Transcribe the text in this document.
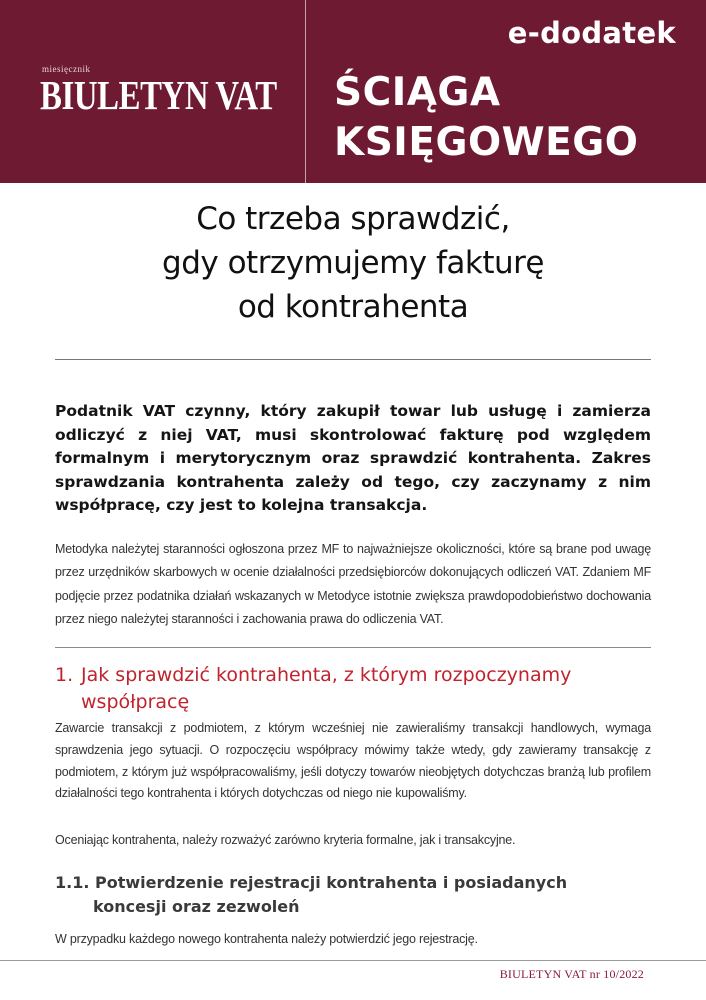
e-dodatek
miesięcznik
BIULETYN VAT ŚCIĄGA
KSIĘGOWEGO
Co trzeba sprawdzić,
gdy otrzymujemy fakturę
od kontrahenta
Podatnik VAT czynny, który zakupił towar lub usługę i zamierza odliczyć z niej VAT, musi skontrolować fakturę pod względem formalnym i merytorycznym oraz sprawdzić kontrahenta. Zakres sprawdzania kontrahenta zależy od tego, czy zaczynamy z nim współpracę, czy jest to kolejna transakcja.
Metodyka należytej staranności ogłoszona przez MF to najważniejsze okoliczności, które są brane pod uwagę przez urzędników skarbowych w ocenie działalności przedsiębiorców dokonujących odliczeń VAT. Zdaniem MF podjęcie przez podatnika działań wskazanych w Metodyce istotnie zwiększa prawdopodobieństwo dochowania przez niego należytej staranności i zachowania prawa do odliczenia VAT.
1. Jak sprawdzić kontrahenta, z którym rozpoczynamy
współpracę
Zawarcie transakcji z podmiotem, z którym wcześniej nie zawieraliśmy transakcji handlowych, wymaga sprawdzenia jego sytuacji. O rozpoczęciu współpracy mówimy także wtedy, gdy zawieramy transakcję z podmiotem, z którym już współpracowaliśmy, jeśli dotyczy towarów nieobjętych dotychczas branżą lub profilem działalności tego kontrahenta i których dotychczas od niego nie kupowaliśmy.
Oceniając kontrahenta, należy rozważyć zarówno kryteria formalne, jak i transakcyjne.
1.1. Potwierdzenie rejestracji kontrahenta i posiadanych
koncesji oraz zezwoleń
W przypadku każdego nowego kontrahenta należy potwierdzić jego rejestrację.
BIULETYN VAT nr 10/2022
